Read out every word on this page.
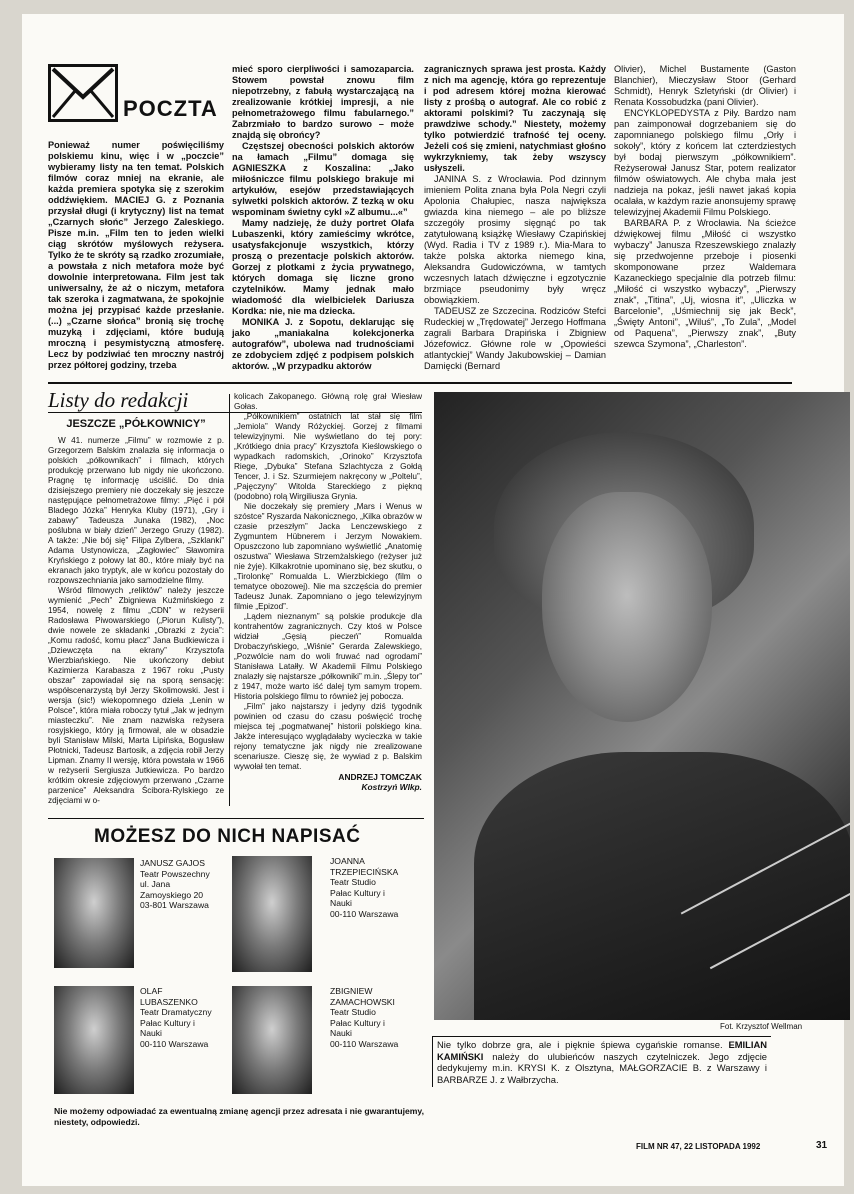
POCZTA
Ponieważ numer poświęciliśmy polskiemu kinu, więc i w „poczcie” wybieramy listy na ten temat. Polskich filmów coraz mniej na ekranie, ale każda premiera spotyka się z szerokim oddźwiękiem. MACIEJ G. z Poznania przysłał długi (i krytyczny) list na temat „Czarnych słońc” Jerzego Zaleskiego. Pisze m.in. „Film ten to jeden wielki ciąg skrótów myślowych reżysera. Tylko że te skróty są rzadko zrozumiałe, a powstała z nich metafora może być dowolnie interpretowana. Film jest tak uniwersalny, że aż o niczym, metafora tak szeroka i zagmatwana, że spokojnie można jej przypisać każde przesłanie. (...) „Czarne słońca” bronią się trochę muzyką i zdjęciami, które budują mroczną i pesymistyczną atmosferę. Lecz by podziwiać ten mroczny nastrój przez półtorej godziny, trzeba
mieć sporo cierpliwości i samozaparcia. Stowem powstał znowu film niepotrzebny, z fabułą wystarczającą na zrealizowanie krótkiej impresji, a nie pełnometrażowego filmu fabularnego.” Zabrzmiało to bardzo surowo – może znajdą się obrońcy?
Częstszej obecności polskich aktorów na łamach „Filmu” domaga się AGNIESZKA z Koszalina: „Jako miłośniczce filmu polskiego brakuje mi artykułów, esejów przedstawiających sylwetki polskich aktorów. Z tezką w oku wspominam świetny cykl »Z albumu...«”
Mamy nadzieję, że duży portret Olafa Lubaszenki, który zamieścimy wkrótce, usatysfakcjonuje wszystkich, którzy proszą o prezentacje polskich aktorów. Gorzej z plotkami z życia prywatnego, których domaga się liczne grono czytelników. Mamy jednak mało wiadomość dla wielbicielek Dariusza Kordka: nie, nie ma dziecka.
MONIKA J. z Sopotu, deklarując się jako „maniakalna kolekcjonerka autografów”, ubolewa nad trudnościami ze zdobyciem zdjęć z podpisem polskich aktorów. „W przypadku aktorów
zagranicznych sprawa jest prosta. Każdy z nich ma agencję, która go reprezentuje i pod adresem której można kierować listy z prośbą o autograf. Ale co robić z aktorami polskimi? Tu zaczynają się prawdziwe schody.” Niestety, możemy tylko potwierdzić trafność tej oceny. Jeżeli coś się zmieni, natychmiast głośno wykrzykniemy, tak żeby wszyscy usłyszeli.
JANINA S. z Wrocławia. Pod dzinnym imieniem Polita znana była Pola Negri czyli Apolonia Chałupiec, nasza największa gwiazda kina niemego – ale po bliższe szczegóły prosimy sięgnąć po tak zatytułowaną książkę Wiesławy Czapińskiej (Wyd. Radia i TV z 1989 r.). Mia-Mara to także polska aktorka niemego kina, Aleksandra Gudowiczówna, w tamtych wczesnych latach dźwięczne i egzotycznie brzmiące pseudonimy były wręcz obowiązkiem.
TADEUSZ ze Szczecina. Rodziców Stefci Rudeckiej w „Trędowatej” Jerzego Hoffmana zagrali Barbara Drapińska i Zbigniew Józefowicz. Główne role w „Opowieści atlantyckiej” Wandy Jakubowskiej – Damian Damięcki (Bernard
Olivier), Michel Bustamente (Gaston Blanchier), Mieczysław Stoor (Gerhard Schmidt), Henryk Szletyński (dr Olivier) i Renata Kossobudzka (pani Olivier).
ENCYKLOPEDYSTA z Piły. Bardzo nam pan zaimponował dogrzebaniem się do zapomnianego polskiego filmu „Orły i sokoły”, który z końcem lat czterdziestych był bodaj pierwszym „półkownikiem”. Reżyserował Janusz Star, potem realizator filmów oświatowych. Ale chyba mała jest nadzieja na pokaz, jeśli nawet jakaś kopia ocalała, w każdym razie anonsujemy sprawę telewizyjnej Akademii Filmu Polskiego.
BARBARA P. z Wrocławia. Na ścieżce dźwiękowej filmu „Miłość ci wszystko wybaczy” Janusza Rzeszewskiego znalazły się przedwojenne przeboje i piosenki skomponowane przez Waldemara Kazaneckiego specjalnie dla potrzeb filmu: „Miłość ci wszystko wybaczy”, „Pierwszy znak”, „Titina”, „Uj, wiosna it”, „Uliczka w Barcelonie”, „Uśmiechnij się jak Beck”, „Święty Antoni”, „Wiluś”, „To Zula”, „Model od Paquena”, „Pierwszy znak”, „Buty szewca Szymona”, „Charleston”.
Listy do redakcji
JESZCZE „PÓŁKOWNICY”
W 41. numerze „Filmu” w rozmowie z p. Grzegorzem Balskim znalazła się informacja o polskich „półkownikach” i filmach, których produkcję przerwano lub nigdy nie ukończono. Pragnę tę informację uściślić. Do dnia dzisiejszego premiery nie doczekały się jeszcze następujące pełnometrażowe filmy: „Pięć i pół Bladego Józka” Henryka Kluby (1971), „Gry i zabawy” Tadeusza Junaka (1982), „Noc poślubna w biały dzień” Jerzego Gruzy (1982). A także: „Nie bój się” Filipa Zylbera, „Szklanki” Adama Ustynowicza, „Zagłowiec” Sławomira Kryńskiego z połowy lat 80., które miały być na ekranach jako tryptyk, ale w końcu pozostały do rozpowszechniania jako samodzielne filmy.
Wśród filmowych „reliktów” należy jeszcze wymienić „Pech” Zbigniewa Kuźmińskiego z 1954, nowelę z filmu „CDN” w reżyserii Radosława Piwowarskiego („Piorun Kulisty”), dwie nowele ze składanki „Obrazki z życia”: „Komu radość, komu płacz” Jana Budkiewicza i „Dziewczęta na ekrany” Krzysztofa Wierzbiańskiego. Nie ukończony debiut Kazimierza Karabasza z 1967 roku „Pusty obszar” zapowiadał się na sporą sensację: współscenarzystą był Jerzy Skolimowski. Jest i wersja (sic!) wiekopomnego dzieła „Lenin w Polsce”, która miała roboczy tytuł „Jak w jednym miasteczku”. Nie znam nazwiska reżysera rosyjskiego, który ją firmował, ale w obsadzie byli Stanisław Milski, Marta Lipińska, Bogusław Płotnicki, Tadeusz Bartosik, a zdjęcia robił Jerzy Lipman. Znamy II wersję, która powstała w 1966 w reżyserii Sergiusza Jutkiewicza. Po bardzo krótkim okresie zdjęciowym przerwano „Czarne parzenice” Aleksandra Ścibora-Rylskiego ze zdjęciami w o-
kolicach Zakopanego. Główną rolę grał Wiesław Gołas.
„Półkownikiem” ostatnich lat stał się film „Jemiola” Wandy Różyckiej. Gorzej z filmami telewizyjnymi. Nie wyświetlano do tej pory: „Krótkiego dnia pracy” Krzysztofa Kieślowskiego o wypadkach radomskich, „Orinoko” Krzysztofa Riege, „Dybuka” Stefana Szlachtycza z Gołdą Tencer, J. i Sz. Szurmiejem nakręcony w „Poltelu”, „Pajęczyny” Witolda Stareckiego z pięknq (podobno) rolą Wirgiliusza Grynia.
Nie doczekały się premiery „Mars i Wenus w szóstce” Ryszarda Nakonicznego, „Kilka obrazów w czasie przeszłym” Jacka Lenczewskiego z Zygmuntem Hübnerem i Jerzym Nowakiem. Opuszczono lub zapomniano wyświetlić „Anatomię oszustwa” Wiesława Strzemżalskiego (reżyser już nie żyje). Kilkakrotnie upominano się, bez skutku, o „Tirolonkę” Romualda L. Wierzbickiego (film o tematyce obozowej). Nie ma szczęścia do premier Tadeusz Junak. Zapomniano o jego telewizyjnym filmie „Epizod”.
„Lądem nieznanym” są polskie produkcje dla kontrahentów zagranicznych. Czy ktoś w Polsce widział „Gęsią pieczeń” Romualda Drobaczyńskiego, „Wiśnie” Gerarda Zalewskiego, „Pozwólcie nam do woli fruwać nad ogrodami” Stanisława Latałły. W Akademii Filmu Polskiego znalazły się najstarsze „półkowniki” m.in. „Ślepy tor” z 1947, może warto iść dalej tym samym tropem. Historia polskiego filmu to również jej pobocza.
„Film” jako najstarszy i jedyny dziś tygodnik powinien od czasu do czasu poświęcić trochę miejsca tej „pogmatwanej” historii polskiego kina. Jakże interesująco wyglądałaby wycieczka w takie rejony tematyczne jak nigdy nie zrealizowane scenariusze. Cieszę się, że wywiad z p. Balskim wywołał ten temat.
ANDRZEJ TOMCZAK
Kostrzyń Wlkp.
Fot. Krzysztof Wellman
Nie tylko dobrze gra, ale i pięknie śpiewa cygańskie romanse. EMILIAN KAMIŃSKI należy do ulubieńców naszych czytelniczek. Jego zdjęcie dedykujemy m.in. KRYSI K. z Olsztyna, MAŁGORZACIE B. z Warszawy i BARBARZE J. z Wałbrzycha.
MOŻESZ DO NICH NAPISAĆ
JANUSZ GAJOS
Teatr Powszechny
ul. Jana
Zamoyskiego 20
03-801 Warszawa
JOANNA
TRZEPIECIŃSKA
Teatr Studio
Pałac Kultury i
Nauki
00-110 Warszawa
OLAF
LUBASZENKO
Teatr Dramatyczny
Pałac Kultury i
Nauki
00-110 Warszawa
ZBIGNIEW
ZAMACHOWSKI
Teatr Studio
Pałac Kultury i
Nauki
00-110 Warszawa
Nie możemy odpowiadać za ewentualną zmianę agencji przez adresata i nie gwarantujemy, niestety, odpowiedzi.
FILM NR 47, 22 LISTOPADA 1992	31
